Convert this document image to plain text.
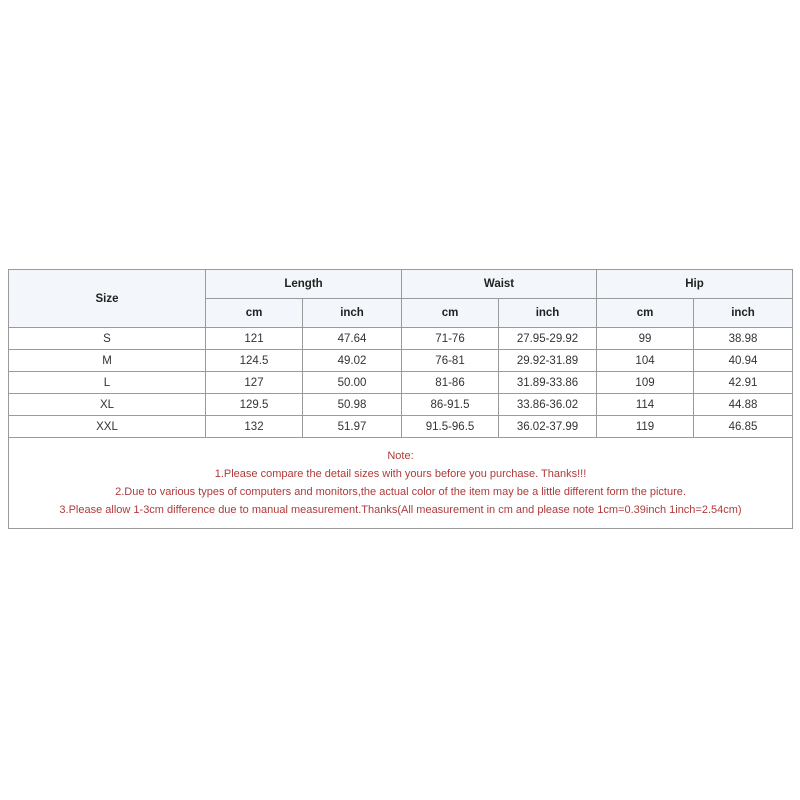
Size	Length		Waist		Hip	
	cm	inch	cm	inch	cm	inch
S	121	47.64	71-76	27.95-29.92	99	38.98
M	124.5	49.02	76-81	29.92-31.89	104	40.94
L	127	50.00	81-86	31.89-33.86	109	42.91
XL	129.5	50.98	86-91.5	33.86-36.02	114	44.88
XXL	132	51.97	91.5-96.5	36.02-37.99	119	46.85

Note:
1.Please compare the detail sizes with yours before you purchase. Thanks!!!
2.Due to various types of computers and monitors,the actual color of the item may be a little different form the picture.
3.Please allow 1-3cm difference due to manual measurement.Thanks(All measurement in cm and please note 1cm=0.39inch 1inch=2.54cm)						
